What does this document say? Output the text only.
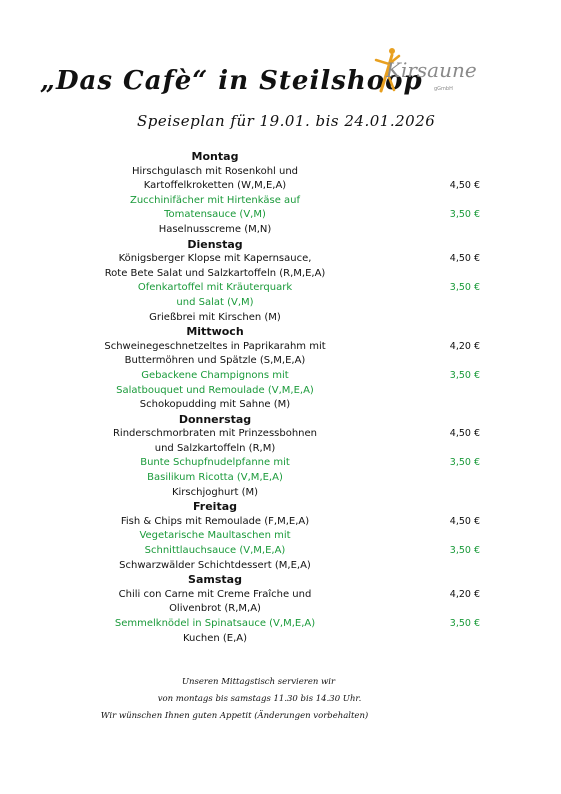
„Das Cafè“ in Steilshoop
Kirsaune
gGmbH
Speiseplan für 19.01. bis 24.01.2026
Montag
Hirschgulasch mit Rosenkohl und
Kartoffelkroketten (W,M,E,A)	4,50 €
Zucchinifächer mit Hirtenkäse auf
Tomatensauce (V,M)	3,50 €
Haselnusscreme (M,N)
Dienstag
Königsberger Klopse mit Kapernsauce,	4,50 €
Rote Bete Salat und Salzkartoffeln (R,M,E,A)
Ofenkartoffel mit Kräuterquark	3,50 €
und Salat (V,M)
Grießbrei mit Kirschen (M)
Mittwoch
Schweinegeschnetzeltes in Paprikarahm mit	4,20 €
Buttermöhren und Spätzle (S,M,E,A)
Gebackene Champignons mit	3,50 €
Salatbouquet und Remoulade (V,M,E,A)
Schokopudding mit Sahne (M)
Donnerstag
Rinderschmorbraten mit Prinzessbohnen	4,50 €
und Salzkartoffeln (R,M)
Bunte Schupfnudelpfanne mit	3,50 €
Basilikum Ricotta (V,M,E,A)
Kirschjoghurt (M)
Freitag
Fish & Chips mit Remoulade (F,M,E,A)	4,50 €
Vegetarische Maultaschen mit
Schnittlauchsauce (V,M,E,A)	3,50 €
Schwarzwälder Schichtdessert (M,E,A)
Samstag
Chili con Carne mit Creme Fraîche und	4,20 €
Olivenbrot (R,M,A)
Semmelknödel in Spinatsauce (V,M,E,A)	3,50 €
Kuchen (E,A)
Unseren Mittagstisch servieren wir
von montags bis samstags 11.30 bis 14.30 Uhr.
Wir wünschen Ihnen guten Appetit (Änderungen vorbehalten)
